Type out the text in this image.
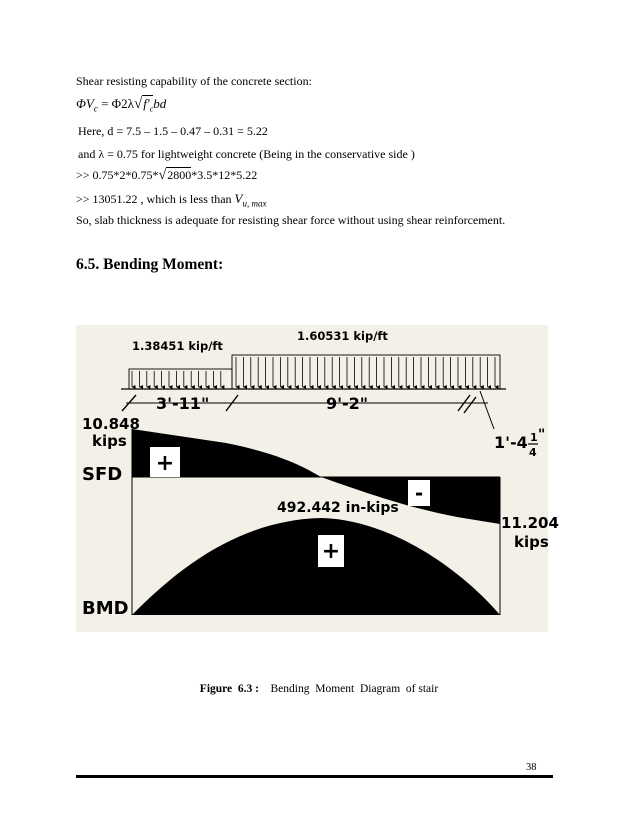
Shear resisting capability of the concrete section:
$\Phi V_c = \Phi 2\lambda√f'_cbd$
Here, d = 7.5 – 1.5 – 0.47 – 0.31 = 5.22
and λ = 0.75 for lightweight concrete (Being in the conservative side )
>> 0.75*2*0.75*√2800*3.5*12*5.22
>> 13051.22 , which is less than $V_{u, max}$
So, slab thickness is adequate for resisting shear force without using shear reinforcement.
6.5. Bending Moment:
+
-
+
1.38451 kip/ft
1.60531 kip/ft
3'-11"	9'-2"
1'-4 1
4
"
10.848
kips
SFD
492.442 in-kips
11.204
kips
BMD
Figure  6.3 :    Bending  Moment  Diagram  of stair
38
